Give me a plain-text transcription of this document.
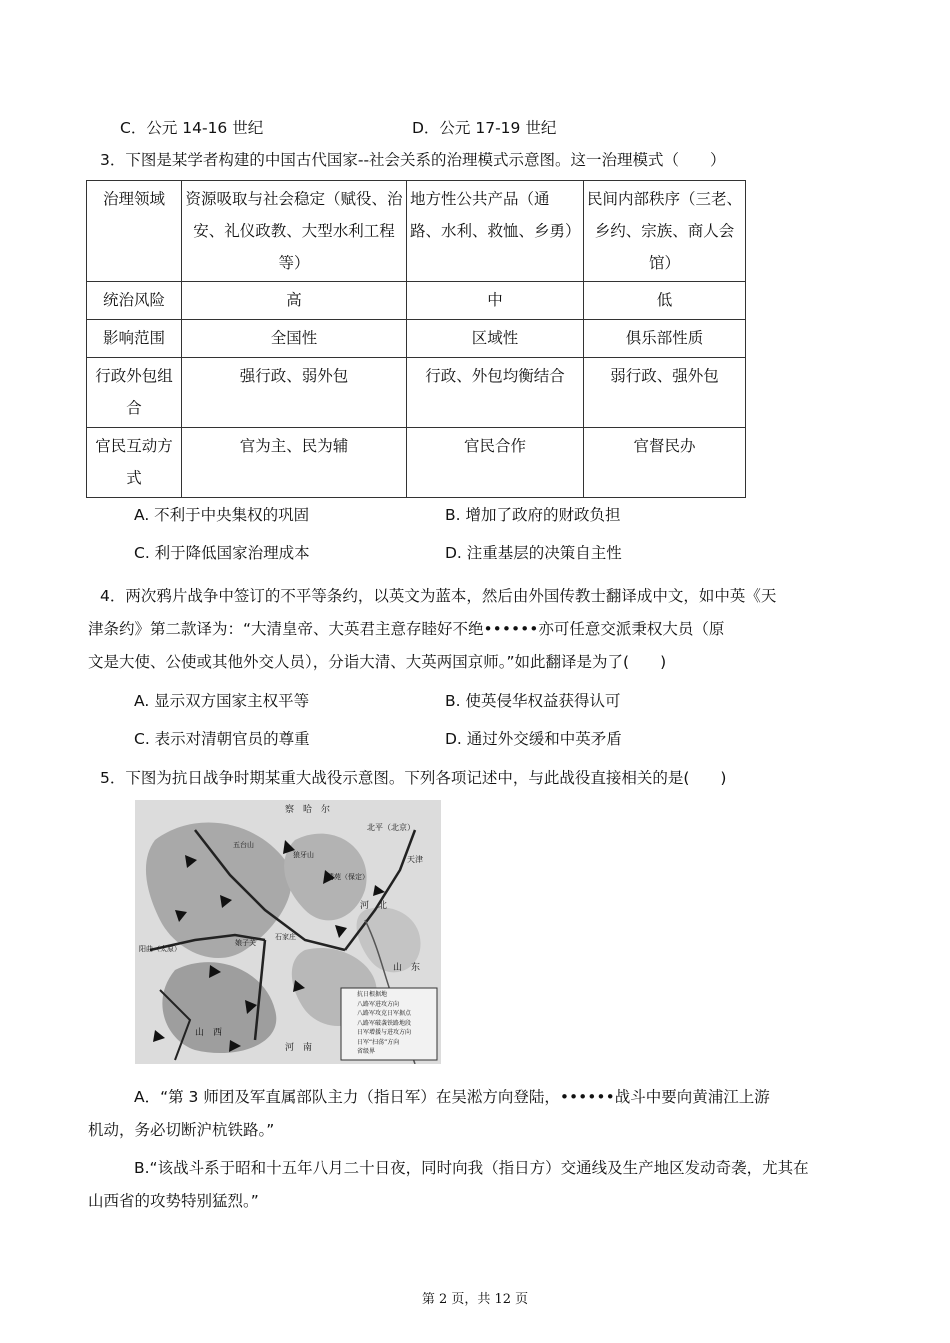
C．公元 14-16 世纪	D．公元 17-19 世纪
3．下图是某学者构建的中国古代国家--社会关系的治理模式示意图。这一治理模式（　　）
治理领域	资源吸取与社会稳定（赋役、治安、礼仪政教、大型水利工程等）	地方性公共产品（通路、水利、救恤、乡勇）	民间内部秩序（三老、乡约、宗族、商人会馆）
统治风险	高	中	低
影响范围	全国性	区域性	俱乐部性质
行政外包组合	强行政、弱外包	行政、外包均衡结合	弱行政、强外包
官民互动方式	官为主、民为辅	官民合作	官督民办
A. 不利于中央集权的巩固	B. 增加了政府的财政负担
C. 利于降低国家治理成本	D. 注重基层的决策自主性
4．两次鸦片战争中签订的不平等条约，以英文为蓝本，然后由外国传教士翻译成中文，如中英《天
津条约》第二款译为：“大清皇帝、大英君主意存睦好不绝••••••亦可任意交派秉权大员（原
文是大使、公使或其他外交人员），分诣大清、大英两国京师。”如此翻译是为了(　　)
A. 显示双方国家主权平等	B. 使英侵华权益获得认可
C. 表示对清朝官员的尊重	D. 通过外交缓和中英矛盾
5．下图为抗日战争时期某重大战役示意图。下列各项记述中，与此战役直接相关的是(　　)
察　哈　尔
北平（北京）
天津
河　北
山　西
山　东
河　南
阳曲（太原）
石家庄
清苑（保定）
五台山
狼牙山
娘子关
抗日根据地
八路军进攻方向
八路军攻克日军据点
八路军破袭铁路地段
日军增援与进攻方向
日军“扫荡”方向
省级界
A．“第 3 师团及军直属部队主力（指日军）在吴淞方向登陆，••••••战斗中要向黄浦江上游
机动，务必切断沪杭铁路。”
B.“该战斗系于昭和十五年八月二十日夜，同时向我（指日方）交通线及生产地区发动奇袭，尤其在
山西省的攻势特别猛烈。”
第 2 页，共 12 页
